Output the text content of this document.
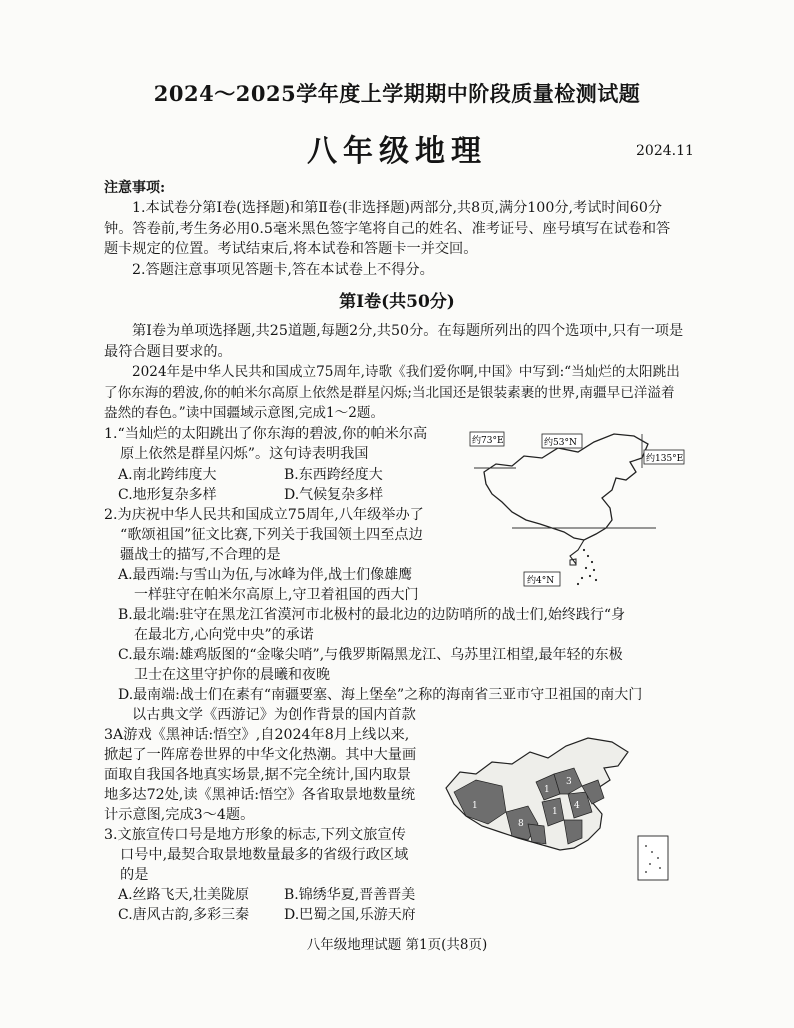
2024～2025学年度上学期期中阶段质量检测试题
八年级地理	2024.11
注意事项:
1.本试卷分第Ⅰ卷(选择题)和第Ⅱ卷(非选择题)两部分,共8页,满分100分,考试时间60分钟。答卷前,考生务必用0.5毫米黑色签字笔将自己的姓名、准考证号、座号填写在试卷和答题卡规定的位置。考试结束后,将本试卷和答题卡一并交回。
2.答题注意事项见答题卡,答在本试卷上不得分。
第Ⅰ卷(共50分)
第Ⅰ卷为单项选择题,共25道题,每题2分,共50分。在每题所列出的四个选项中,只有一项是最符合题目要求的。
2024年是中华人民共和国成立75周年,诗歌《我们爱你啊,中国》中写到:“当灿烂的太阳跳出了你东海的碧波,你的帕米尔高原上依然是群星闪烁;当北国还是银装素裹的世界,南疆早已洋溢着盎然的春色。”读中国疆域示意图,完成1～2题。
1.“当灿烂的太阳跳出了你东海的碧波,你的帕米尔高
原上依然是群星闪烁”。这句诗表明我国
A.南北跨纬度大	B.东西跨经度大
C.地形复杂多样	D.气候复杂多样
2.为庆祝中华人民共和国成立75周年,八年级举办了
“歌颂祖国”征文比赛,下列关于我国领土四至点边
疆战士的描写,不合理的是
A.最西端:与雪山为伍,与冰峰为伴,战士们像雄鹰
一样驻守在帕米尔高原上,守卫着祖国的西大门
B.最北端:驻守在黑龙江省漠河市北极村的最北边的边防哨所的战士们,始终践行“身
在最北方,心向党中央”的承诺
C.最东端:雄鸡版图的“金喙尖哨”,与俄罗斯隔黑龙江、乌苏里江相望,最年轻的东极
卫士在这里守护你的晨曦和夜晚
D.最南端:战士们在素有“南疆要塞、海上堡垒”之称的海南省三亚市守卫祖国的南大门
以古典文学《西游记》为创作背景的国内首款
3A游戏《黑神话:悟空》,自2024年8月上线以来,
掀起了一阵席卷世界的中华文化热潮。其中大量画
面取自我国各地真实场景,据不完全统计,国内取景
地多达72处,读《黑神话:悟空》各省取景地数量统
计示意图,完成3～4题。
3.文旅宣传口号是地方形象的标志,下列文旅宣传
口号中,最契合取景地数量最多的省级行政区域
的是
A.丝路飞天,壮美陇原 B.锦绣华夏,晋善晋美
C.唐风古韵,多彩三秦 D.巴蜀之国,乐游天府
约73°E	约53°N
约135°E
约4°N
1
8
1
3
4
1
八年级地理试题 第1页(共8页)
